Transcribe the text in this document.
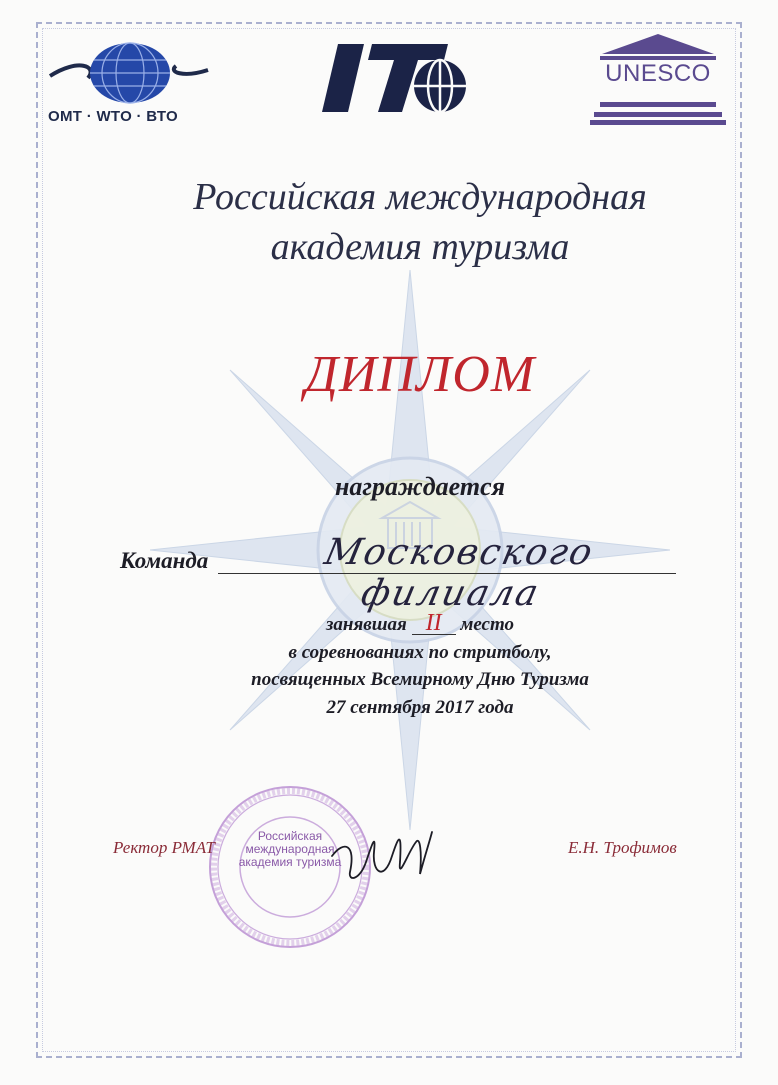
ОМТ · WTO · ВТО
UNESCO
Российская международная
академия туризма
ДИПЛОМ
награждается
Команда	Московского филиала
занявшая II место
в соревнованиях по стритболу,
посвященных Всемирному Дню Туризма
27 сентября 2017 года
Российская международная академия туризма
Ректор РМАТ	Е.Н. Трофимов
